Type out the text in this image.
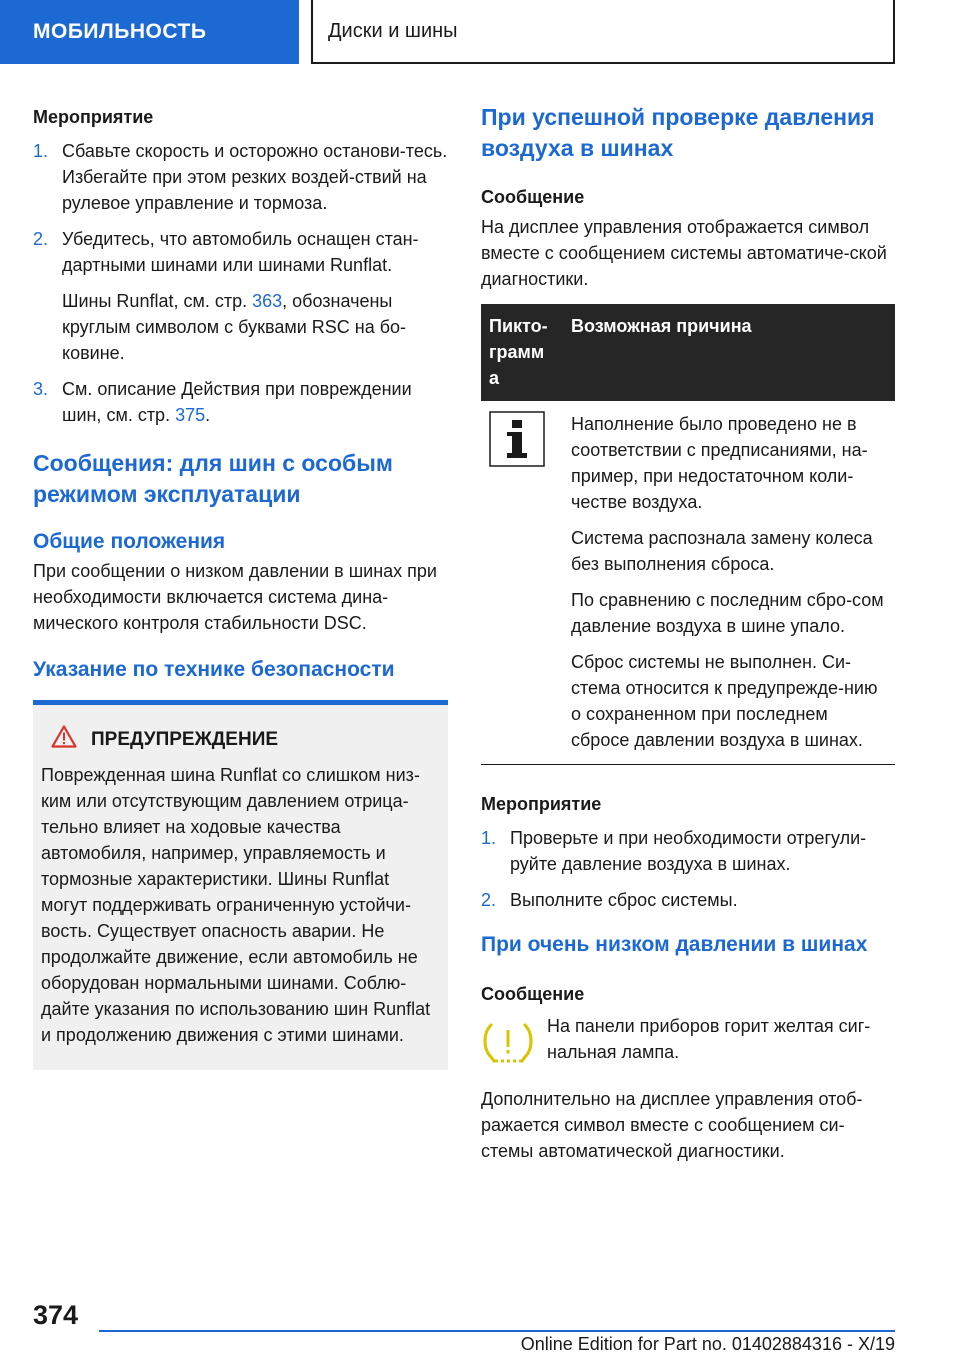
МОБИЛЬНОСТЬ	Диски и шины

Мероприятие

1. Сбавьте скорость и осторожно останови-тесь. Избегайте при этом резких воздей-ствий на рулевое управление и тормоза.

2. Убедитесь, что автомобиль оснащен стан-дартными шинами или шинами Runflat.

Шины Runflat, см. стр. 363, обозначены круглым символом с буквами RSC на бо-ковине.

3. См. описание Действия при повреждении шин, см. стр. 375.

Сообщения: для шин с особым режимом эксплуатации
Общие положения

При сообщении о низком давлении в шинах при необходимости включается система дина-мического контроля стабильности DSC.

Указание по технике безопасности
ПРЕДУПРЕЖДЕНИЕ

Поврежденная шина Runflat со слишком низ-ким или отсутствующим давлением отрица-тельно влияет на ходовые качества автомобиля, например, управляемость и тормозные характеристики. Шины Runflat могут поддерживать ограниченную устойчи-вость. Существует опасность аварии. Не продолжайте движение, если автомобиль не оборудован нормальными шинами. Соблю-дайте указания по использованию шин Runflat и продолжению движения с этими шинами.

При успешной проверке давления воздуха в шинах

Сообщение

На дисплее управления отображается символ вместе с сообщением системы автоматиче-ской диагностики.

Пикто-грамм а	Возможная причина

Наполнение было проведено не в соответствии с предписаниями, на-пример, при недостаточном коли-честве воздуха.

Система распознала замену колеса без выполнения сброса.

По сравнению с последним сбро-сом давление воздуха в шине упало.

Сброс системы не выполнен. Си-стема относится к предупрежде-нию о сохраненном при последнем сбросе давлении воздуха в шинах.

Мероприятие

1. Проверьте и при необходимости отрегули-руйте давление воздуха в шинах.

2. Выполните сброс системы.

При очень низком давлении в шинах

Сообщение

На панели приборов горит желтая сиг-нальная лампа.

Дополнительно на дисплее управления отоб-ражается символ вместе с сообщением си-стемы автоматической диагностики.

374
Online Edition for Part no. 01402884316 - X/19
